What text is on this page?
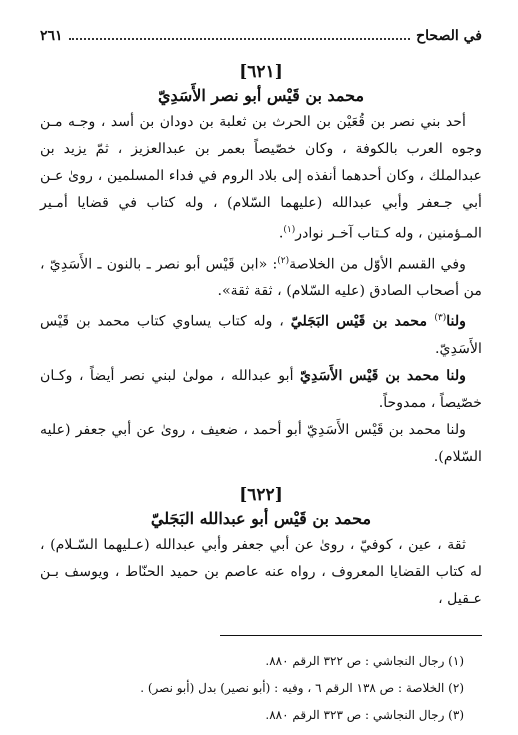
في الصحاح
٢٦١
[٦٢١]
محمد بن قَيْس أبو نصر الأَسَدِيّ

أحد بني نصر بن قُعَيْن بن الحرث بن ثعلبة بن دودان بن أسد ، وجـه مـن وجوه العرب بالكوفة ، وكان خصّيصاً بعمر بن عبدالعزيز ، ثمّ يزيد بن عبدالملك ، وكان أحدهما أنفذه إلى بلاد الروم في فداء المسلمين ، روىٰ عـن أبي جـعفر وأبي عبدالله (عليهما السّلام) ، وله كتاب في قضايا أمـير المـؤمنين ، وله كـتاب آخـر نوادر$^{(١)}$.

وفي القسم الأوّل من الخلاصة$^{(٢)}$: «ابن قَيْس أبو نصر ـ بالنون ـ الأَسَدِيّ ، من أصحاب الصادق (عليه السّلام) ، ثقة ثقة».

ولنا$^{(٣)}$ محمد بن قَيْس البَجَليّ ، وله كتاب يساوي كتاب محمد بن قَيْس الأَسَدِيّ.

ولنا محمد بن قَيْس الأَسَدِيّ أبو عبدالله ، مولىٰ لبني نصر أيضاً ، وكـان خصّيصاً ، ممدوحاً.

ولنا محمد بن قَيْس الأَسَدِيّ أبو أحمد ، ضعيف ، روىٰ عن أبي جعفر (عليه السّلام).

[٦٢٢]
محمد بن قَيْس أبو عبدالله البَجَليّ

ثقة ، عين ، كوفيّ ، روىٰ عن أبي جعفر وأبي عبدالله (عـليهما السّـلام) ، له كتاب القضايا المعروف ، رواه عنه عاصم بن حميد الحنّاط ، ويوسف بـن عـقيل ،

(١) رجال النجاشي : ص ٣٢٢ الرقم ٨٨٠.
(٢) الخلاصة : ص ١٣٨ الرقم ٦ ، وفيه : (أبو نصير) بدل (أبو نصر) .
(٣) رجال النجاشي : ص ٣٢٣ الرقم ٨٨٠.
